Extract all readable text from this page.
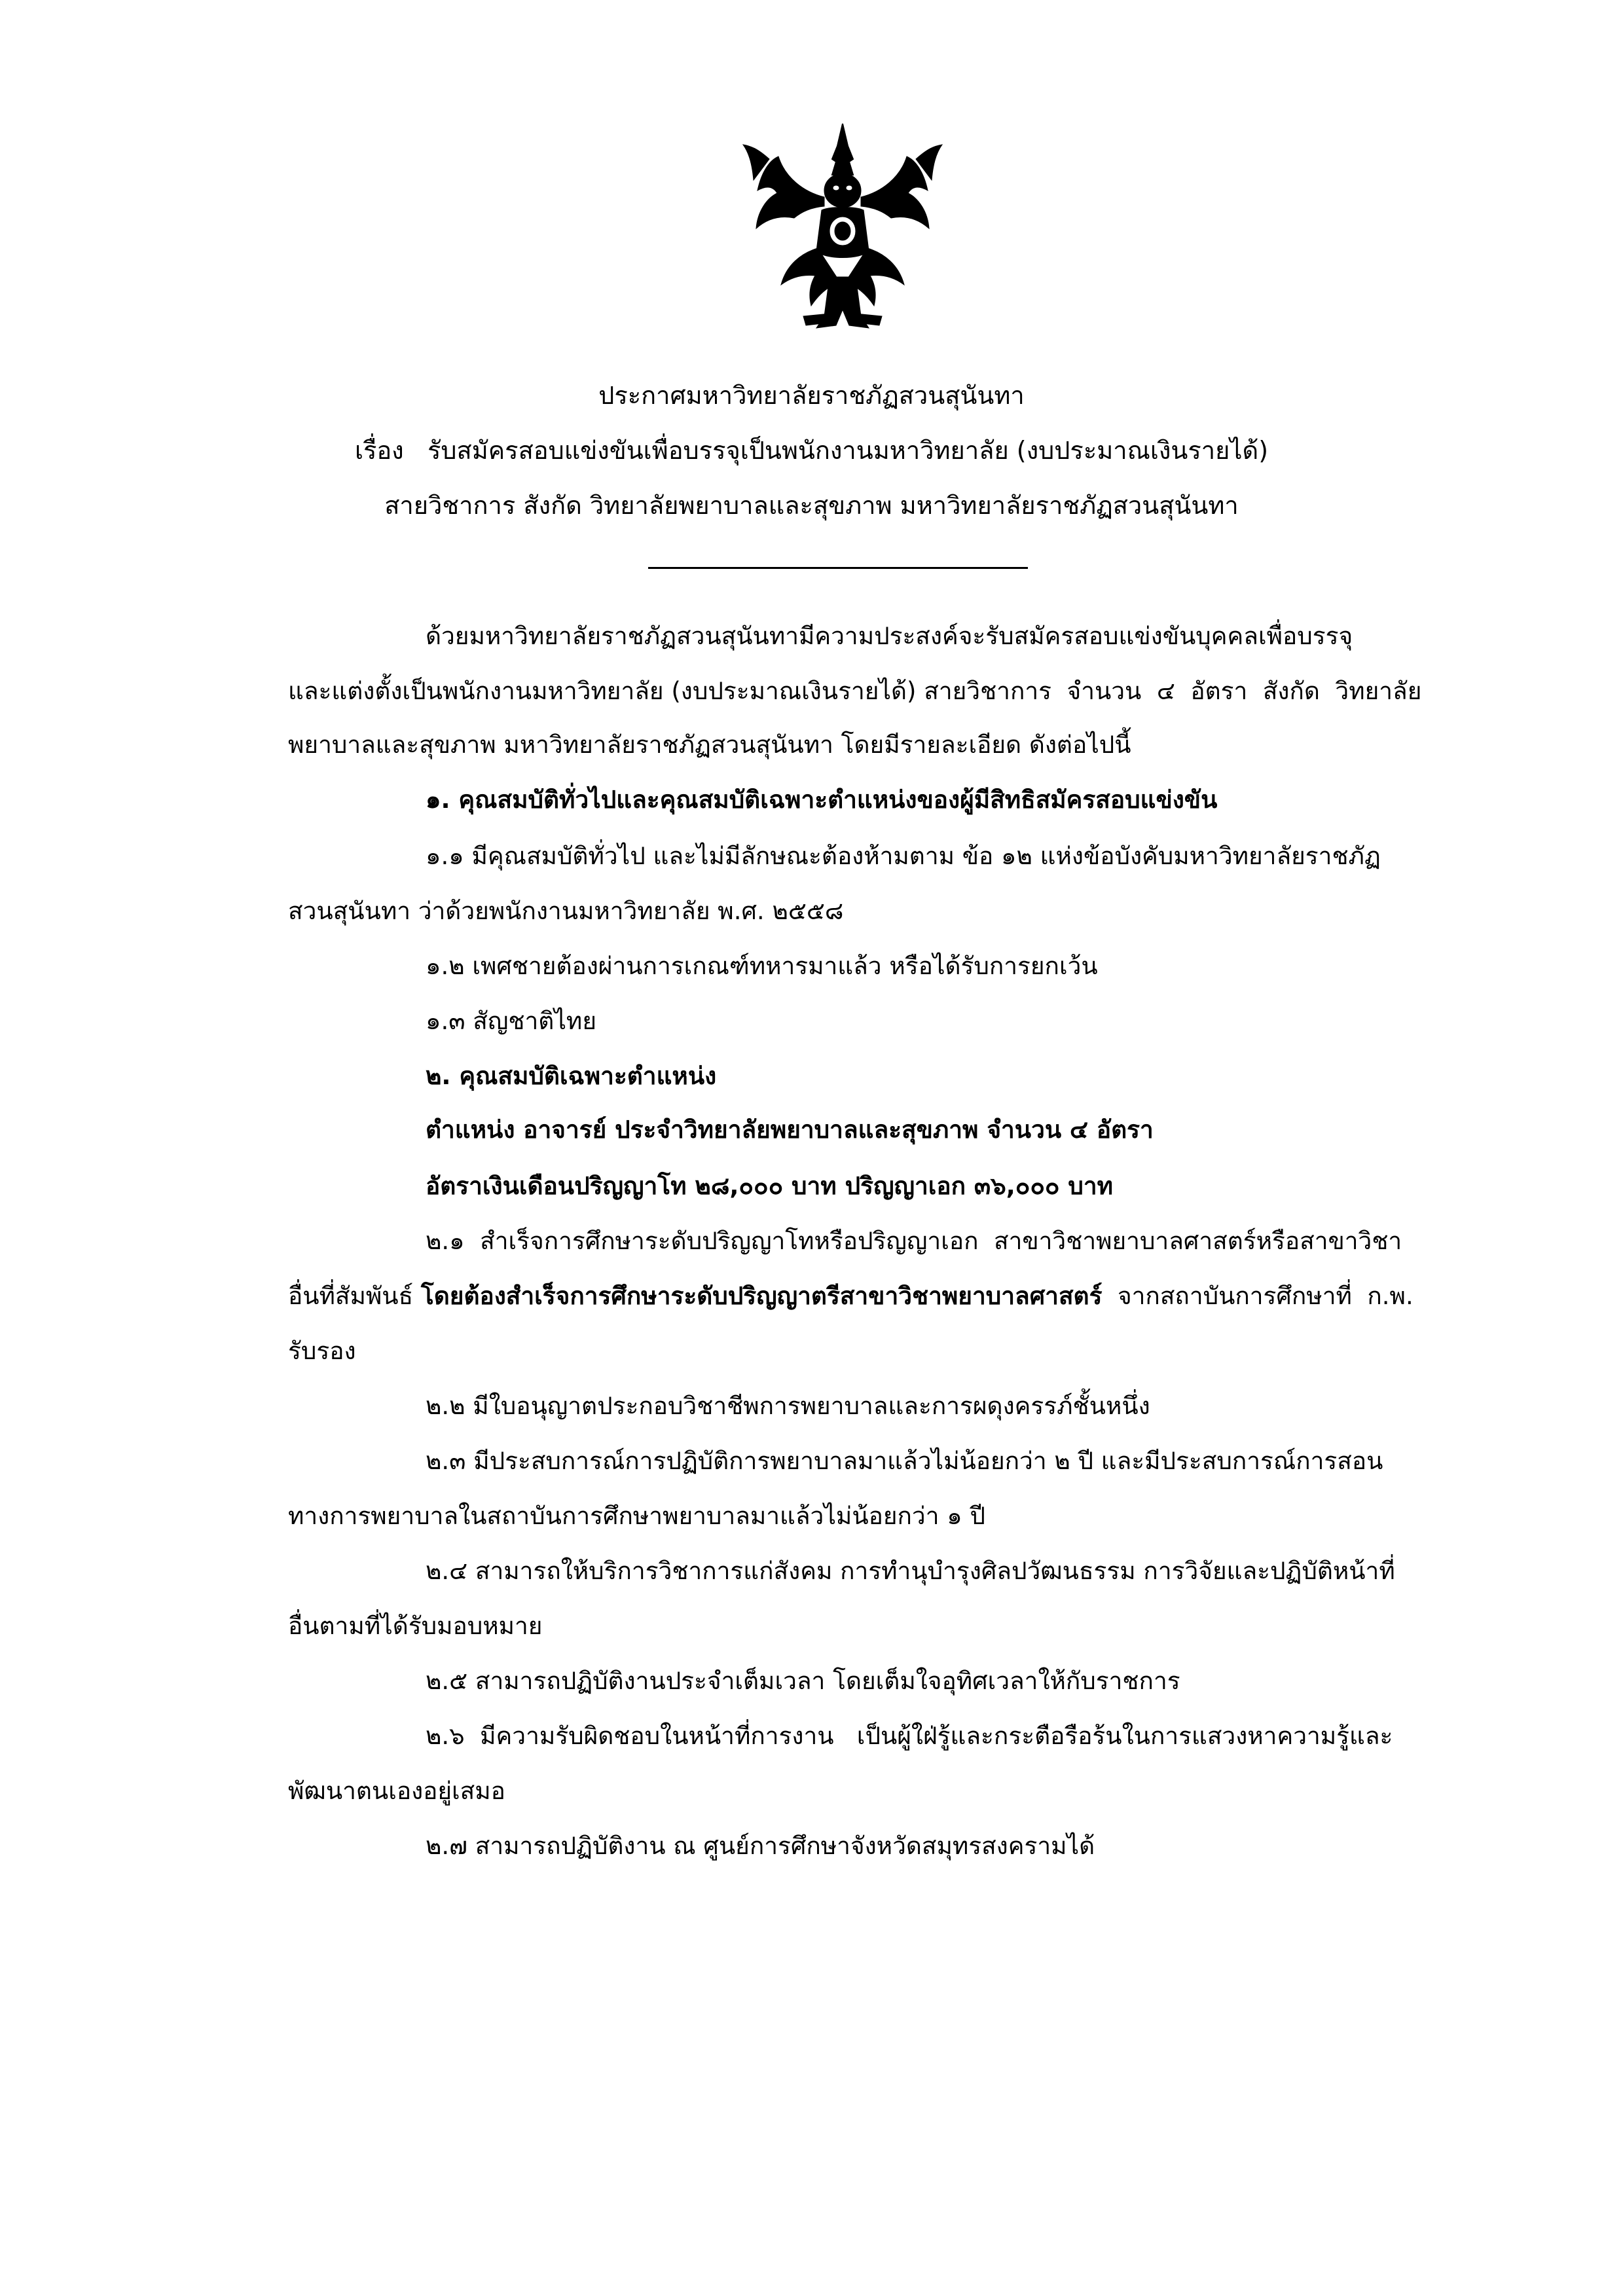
ประกาศมหาวิทยาลัยราชภัฏสวนสุนันทา
เรื่อง   รับสมัครสอบแข่งขันเพื่อบรรจุเป็นพนักงานมหาวิทยาลัย (งบประมาณเงินรายได้)
สายวิชาการ สังกัด วิทยาลัยพยาบาลและสุขภาพ มหาวิทยาลัยราชภัฏสวนสุนันทา
ด้วยมหาวิทยาลัยราชภัฏสวนสุนันทามีความประสงค์จะรับสมัครสอบแข่งขันบุคคลเพื่อบรรจุ
และแต่งตั้งเป็นพนักงานมหาวิทยาลัย (งบประมาณเงินรายได้) สายวิชาการ  จำนวน  ๔  อัตรา  สังกัด  วิทยาลัย
พยาบาลและสุขภาพ มหาวิทยาลัยราชภัฏสวนสุนันทา โดยมีรายละเอียด ดังต่อไปนี้
๑. คุณสมบัติทั่วไปและคุณสมบัติเฉพาะตำแหน่งของผู้มีสิทธิสมัครสอบแข่งขัน
๑.๑ มีคุณสมบัติทั่วไป และไม่มีลักษณะต้องห้ามตาม ข้อ ๑๒ แห่งข้อบังคับมหาวิทยาลัยราชภัฏ
สวนสุนันทา ว่าด้วยพนักงานมหาวิทยาลัย พ.ศ. ๒๕๕๘
๑.๒ เพศชายต้องผ่านการเกณฑ์ทหารมาแล้ว หรือได้รับการยกเว้น
๑.๓ สัญชาติไทย
๒. คุณสมบัติเฉพาะตำแหน่ง
ตำแหน่ง อาจารย์ ประจำวิทยาลัยพยาบาลและสุขภาพ จำนวน ๔ อัตรา
อัตราเงินเดือนปริญญาโท ๒๘,๐๐๐ บาท ปริญญาเอก ๓๖,๐๐๐ บาท
๒.๑  สำเร็จการศึกษาระดับปริญญาโทหรือปริญญาเอก  สาขาวิชาพยาบาลศาสตร์หรือสาขาวิชา
อื่นที่สัมพันธ์ โดยต้องสำเร็จการศึกษาระดับปริญญาตรีสาขาวิชาพยาบาลศาสตร์  จากสถาบันการศึกษาที่  ก.พ.
รับรอง
๒.๒ มีใบอนุญาตประกอบวิชาชีพการพยาบาลและการผดุงครรภ์ชั้นหนึ่ง
๒.๓ มีประสบการณ์การปฏิบัติการพยาบาลมาแล้วไม่น้อยกว่า ๒ ปี และมีประสบการณ์การสอน
ทางการพยาบาลในสถาบันการศึกษาพยาบาลมาแล้วไม่น้อยกว่า ๑ ปี
๒.๔ สามารถให้บริการวิชาการแก่สังคม การทำนุบำรุงศิลปวัฒนธรรม การวิจัยและปฏิบัติหน้าที่
อื่นตามที่ได้รับมอบหมาย
๒.๕ สามารถปฏิบัติงานประจำเต็มเวลา โดยเต็มใจอุทิศเวลาให้กับราชการ
๒.๖  มีความรับผิดชอบในหน้าที่การงาน   เป็นผู้ใฝ่รู้และกระตือรือร้นในการแสวงหาความรู้และ
พัฒนาตนเองอยู่เสมอ
๒.๗ สามารถปฏิบัติงาน ณ ศูนย์การศึกษาจังหวัดสมุทรสงครามได้
